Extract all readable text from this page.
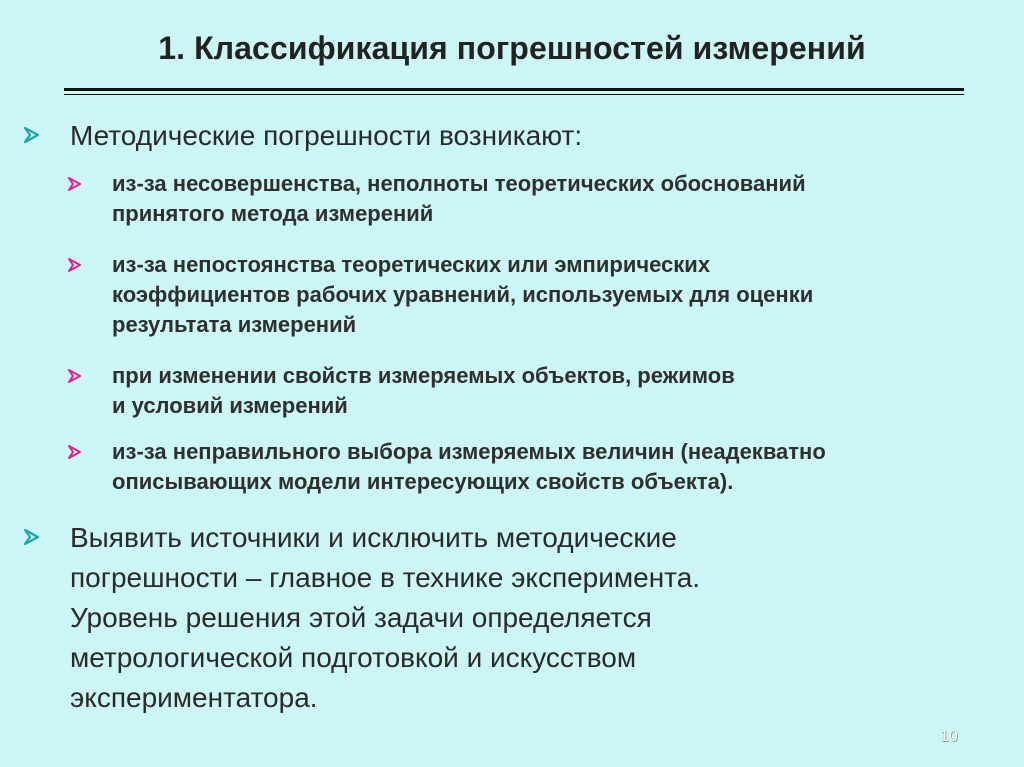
1. Классификация погрешностей измерений
Методические погрешности возникают:
из-за несовершенства, неполноты теоретических обоснований
принятого метода измерений
из-за непостоянства теоретических или эмпирических
коэффициентов рабочих уравнений, используемых для оценки
результата измерений
при изменении свойств измеряемых объектов, режимов
и условий измерений
из-за неправильного выбора измеряемых величин (неадекватно
описывающих модели интересующих свойств объекта).
Выявить источники и исключить методические
погрешности – главное в технике эксперимента.
Уровень решения этой задачи определяется
метрологической подготовкой и искусством
экспериментатора.
10
